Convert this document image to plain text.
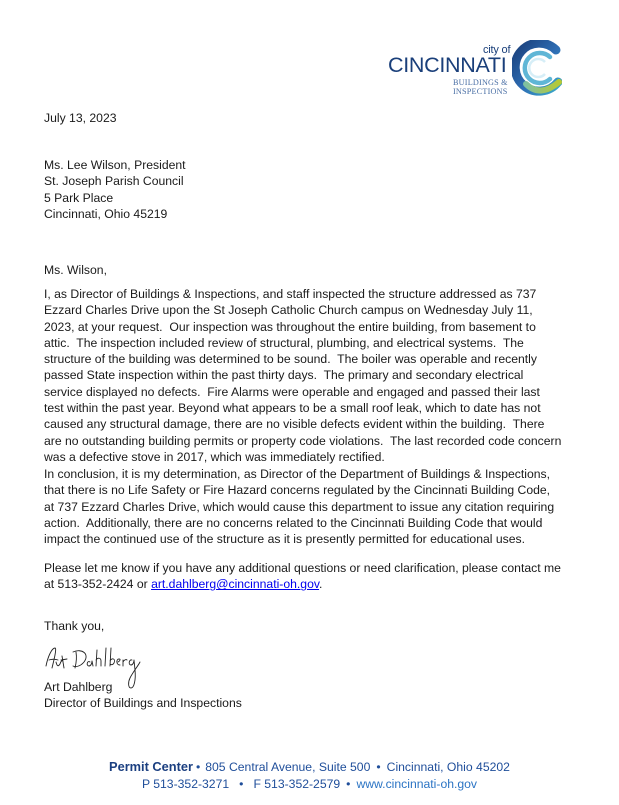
city of
CINCINNATI
BUILDINGS &
INSPECTIONS
July 13, 2023
Ms. Lee Wilson, President
St. Joseph Parish Council
5 Park Place
Cincinnati, Ohio 45219
Ms. Wilson,
I, as Director of Buildings & Inspections, and staff inspected the structure addressed as 737
Ezzard Charles Drive upon the St Joseph Catholic Church campus on Wednesday July 11,
2023, at your request.  Our inspection was throughout the entire building, from basement to
attic.  The inspection included review of structural, plumbing, and electrical systems.  The
structure of the building was determined to be sound.  The boiler was operable and recently
passed State inspection within the past thirty days.  The primary and secondary electrical
service displayed no defects.  Fire Alarms were operable and engaged and passed their last
test within the past year. Beyond what appears to be a small roof leak, which to date has not
caused any structural damage, there are no visible defects evident within the building.  There
are no outstanding building permits or property code violations.  The last recorded code concern
was a defective stove in 2017, which was immediately rectified.
In conclusion, it is my determination, as Director of the Department of Buildings & Inspections,
that there is no Life Safety or Fire Hazard concerns regulated by the Cincinnati Building Code,
at 737 Ezzard Charles Drive, which would cause this department to issue any citation requiring
action.  Additionally, there are no concerns related to the Cincinnati Building Code that would
impact the continued use of the structure as it is presently permitted for educational uses.
Please let me know if you have any additional questions or need clarification, please contact me
at 513-352-2424 or art.dahlberg@cincinnati-oh.gov.
Thank you,
Art Dahlberg
Director of Buildings and Inspections
Permit Center • 805 Central Avenue, Suite 500 • Cincinnati, Ohio 45202
P 513-352-3271 • F 513-352-2579 • www.cincinnati-oh.gov
